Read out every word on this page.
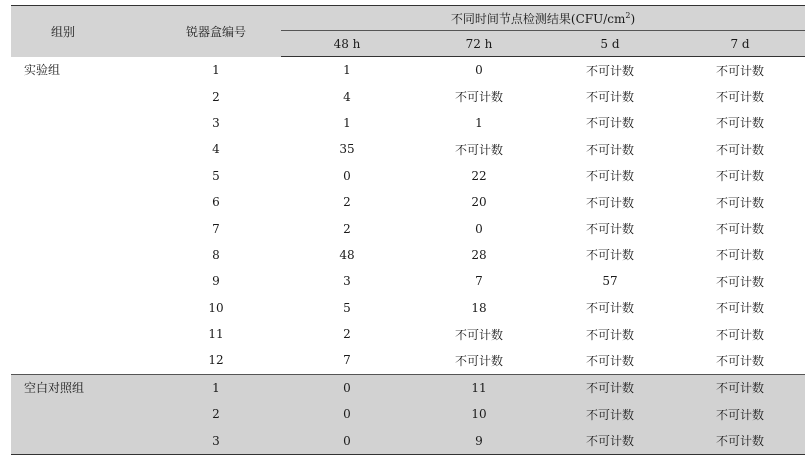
组别	锐器盒编号	不同时间节点检测结果$(CFU/cm^2)$			
		48 h	72 h	5 d	7 d
实验组	1	1	0	不可计数	不可计数
	2	4	不可计数	不可计数	不可计数
	3	1	1	不可计数	不可计数
	4	35	不可计数	不可计数	不可计数
	5	0	22	不可计数	不可计数
	6	2	20	不可计数	不可计数
	7	2	0	不可计数	不可计数
	8	48	28	不可计数	不可计数
	9	3	7	57	不可计数
	10	5	18	不可计数	不可计数
	11	2	不可计数	不可计数	不可计数
	12	7	不可计数	不可计数	不可计数
空白对照组	1	0	11	不可计数	不可计数
	2	0	10	不可计数	不可计数
	3	0	9	不可计数	不可计数
